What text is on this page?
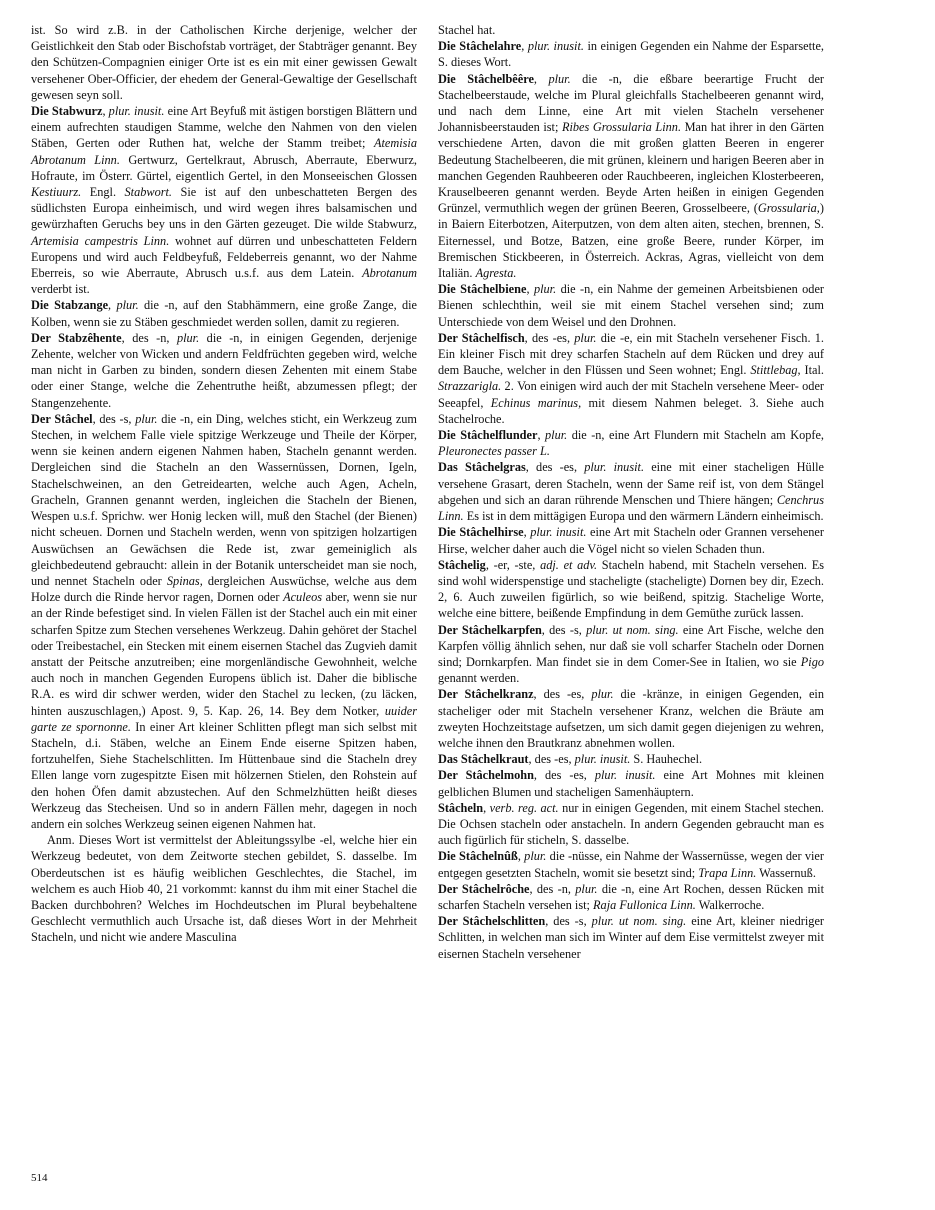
ist. So wird z.B. in der Catholischen Kirche derjenige, welcher der Geistlichkeit den Stab oder Bischofstab vorträget, der Stabträger genannt. Bey den Schützen-Compagnien einiger Orte ist es ein mit einer gewissen Gewalt versehener Ober-Officier, der ehedem der General-Gewaltige der Gesellschaft gewesen seyn soll.

Die Stabwurz, plur. inusit. eine Art Beyfuß mit ästigen borstigen Blättern und einem aufrechten staudigen Stamme, welche den Nahmen von den vielen Stäben, Gerten oder Ruthen hat, welche der Stamm treibet; Atemisia Abrotanum Linn. Gertwurz, Gertelkraut, Abrusch, Aberraute, Eberwurz, Hofraute, im Österr. Gürtel, eigentlich Gertel, in den Monseeischen Glossen Kestiuurz. Engl. Stabwort. Sie ist auf den unbeschatteten Bergen des südlichsten Europa einheimisch, und wird wegen ihres balsamischen und gewürzhaften Geruchs bey uns in den Gärten gezeuget. Die wilde Stabwurz, Artemisia campestris Linn. wohnet auf dürren und unbeschatteten Feldern Europens und wird auch Feldbeyfuß, Feldeberreis genannt, wo der Nahme Eberreis, so wie Aberraute, Abrusch u.s.f. aus dem Latein. Abrotanum verderbt ist.

Die Stabzange, plur. die -n, auf den Stabhämmern, eine große Zange, die Kolben, wenn sie zu Stäben geschmiedet werden sollen, damit zu regieren.

Der Stabzêhente, des -n, plur. die -n, in einigen Gegenden, derjenige Zehente, welcher von Wicken und andern Feldfrüchten gegeben wird, welche man nicht in Garben zu binden, sondern diesen Zehenten mit einem Stabe oder einer Stange, welche die Zehentruthe heißt, abzumessen pflegt; der Stangenzehente.

Der Stâchel, des -s, plur. die -n, ein Ding, welches sticht, ein Werkzeug zum Stechen, in welchem Falle viele spitzige Werkzeuge und Theile der Körper, wenn sie keinen andern eigenen Nahmen haben, Stacheln genannt werden. Dergleichen sind die Stacheln an den Wassernüssen, Dornen, Igeln, Stachelschweinen, an den Getreidearten, welche auch Agen, Acheln, Gracheln, Grannen genannt werden, ingleichen die Stacheln der Bienen, Wespen u.s.f. Sprichw. wer Honig lecken will, muß den Stachel (der Bienen) nicht scheuen. Dornen und Stacheln werden, wenn von spitzigen holzartigen Auswüchsen an Gewächsen die Rede ist, zwar gemeiniglich als gleichbedeutend gebraucht: allein in der Botanik unterscheidet man sie noch, und nennet Stacheln oder Spinas, dergleichen Auswüchse, welche aus dem Holze durch die Rinde hervor ragen, Dornen oder Aculeos aber, wenn sie nur an der Rinde befestiget sind. In vielen Fällen ist der Stachel auch ein mit einer scharfen Spitze zum Stechen versehenes Werkzeug. Dahin gehöret der Stachel oder Treibestachel, ein Stecken mit einem eisernen Stachel das Zugvieh damit anstatt der Peitsche anzutreiben; eine morgenländische Gewohnheit, welche auch noch in manchen Gegenden Europens üblich ist. Daher die biblische R.A. es wird dir schwer werden, wider den Stachel zu lecken, (zu läcken, hinten auszuschlagen,) Apost. 9, 5. Kap. 26, 14. Bey dem Notker, uuider garte ze spornonne. In einer Art kleiner Schlitten pflegt man sich selbst mit Stacheln, d.i. Stäben, welche an Einem Ende eiserne Spitzen haben, fortzuhelfen, Siehe Stachelschlitten. Im Hüttenbaue sind die Stacheln drey Ellen lange vorn zugespitzte Eisen mit hölzernen Stielen, den Rohstein auf den hohen Öfen damit abzustechen. Auf den Schmelzhütten heißt dieses Werkzeug das Stecheisen. Und so in andern Fällen mehr, dagegen in noch andern ein solches Werkzeug seinen eigenen Nahmen hat.

Anm. Dieses Wort ist vermittelst der Ableitungssylbe -el, welche hier ein Werkzeug bedeutet, von dem Zeitworte stechen gebildet, S. dasselbe. Im Oberdeutschen ist es häufig weiblichen Geschlechtes, die Stachel, im welchem es auch Hiob 40, 21 vorkommt: kannst du ihm mit einer Stachel die Backen durchbohren? Welches im Hochdeutschen im Plural beybehaltene Geschlecht vermuthlich auch Ursache ist, daß dieses Wort in der Mehrheit Stacheln, und nicht wie andere Masculina

Stachel hat.

Die Stâchelahre, plur. inusit. in einigen Gegenden ein Nahme der Esparsette, S. dieses Wort.

Die Stâchelbêêre, plur. die -n, die eßbare beerartige Frucht der Stachelbeerstaude, welche im Plural gleichfalls Stachelbeeren genannt wird, und nach dem Linne, eine Art mit vielen Stacheln versehener Johannisbeerstauden ist; Ribes Grossularia Linn. Man hat ihrer in den Gärten verschiedene Arten, davon die mit großen glatten Beeren in engerer Bedeutung Stachelbeeren, die mit grünen, kleinern und harigen Beeren aber in manchen Gegenden Rauhbeeren oder Rauchbeeren, ingleichen Klosterbeeren, Krauselbeeren genannt werden. Beyde Arten heißen in einigen Gegenden Grünzel, vermuthlich wegen der grünen Beeren, Grosselbeere, (Grossularia,) in Baiern Eiterbotzen, Aiterputzen, von dem alten aiten, stechen, brennen, S. Eiternessel, und Botze, Batzen, eine große Beere, runder Körper, im Bremischen Stickbeeren, in Österreich. Ackras, Agras, vielleicht von dem Italiän. Agresta.

Die Stâchelbiene, plur. die -n, ein Nahme der gemeinen Arbeitsbienen oder Bienen schlechthin, weil sie mit einem Stachel versehen sind; zum Unterschiede von dem Weisel und den Drohnen.

Der Stâchelfisch, des -es, plur. die -e, ein mit Stacheln versehener Fisch. 1. Ein kleiner Fisch mit drey scharfen Stacheln auf dem Rücken und drey auf dem Bauche, welcher in den Flüssen und Seen wohnet; Engl. Stittlebag, Ital. Strazzariglа. 2. Von einigen wird auch der mit Stacheln versehene Meer- oder Seeapfel, Echinus marinus, mit diesem Nahmen beleget. 3. Siehe auch Stachelroche.

Die Stâchelflunder, plur. die -n, eine Art Flundern mit Stacheln am Kopfe, Pleuronectes passer L.

Das Stâchelgras, des -es, plur. inusit. eine mit einer stacheligen Hülle versehene Grasart, deren Stacheln, wenn der Same reif ist, von dem Stängel abgehen und sich an daran rührende Menschen und Thiere hängen; Cenchrus Linn. Es ist in dem mittägigen Europa und den wärmern Ländern einheimisch.

Die Stâchelhirse, plur. inusit. eine Art mit Stacheln oder Grannen versehener Hirse, welcher daher auch die Vögel nicht so vielen Schaden thun.

Stâchelig, -er, -ste, adj. et adv. Stacheln habend, mit Stacheln versehen. Es sind wohl widerspenstige und stacheligte (stacheligte) Dornen bey dir, Ezech. 2, 6. Auch zuweilen figürlich, so wie beißend, spitzig. Stachelige Worte, welche eine bittere, beißende Empfindung in dem Gemüthe zurück lassen.

Der Stâchelkarpfen, des -s, plur. ut nom. sing. eine Art Fische, welche den Karpfen völlig ähnlich sehen, nur daß sie voll scharfer Stacheln oder Dornen sind; Dornkarpfen. Man findet sie in dem Comer-See in Italien, wo sie Pigo genannt werden.

Der Stâchelkranz, des -es, plur. die -kränze, in einigen Gegenden, ein stacheliger oder mit Stacheln versehener Kranz, welchen die Bräute am zweyten Hochzeitstage aufsetzen, um sich damit gegen diejenigen zu wehren, welche ihnen den Brautkranz abnehmen wollen.

Das Stâchelkraut, des -es, plur. inusit. S. Hauhechel.

Der Stâchelmohn, des -es, plur. inusit. eine Art Mohnes mit kleinen gelblichen Blumen und stacheligen Samenhäuptern.

Stâcheln, verb. reg. act. nur in einigen Gegenden, mit einem Stachel stechen. Die Ochsen stacheln oder anstacheln. In andern Gegenden gebraucht man es auch figürlich für sticheln, S. dasselbe.

Die Stâchelnûß, plur. die -nüsse, ein Nahme der Wassernüsse, wegen der vier entgegen gesetzten Stacheln, womit sie besetzt sind; Trapa Linn. Wassernuß.

Der Stâchelrôche, des -n, plur. die -n, eine Art Rochen, dessen Rücken mit scharfen Stacheln versehen ist; Raja Fullonica Linn. Walkerroche.

Der Stâchelschlitten, des -s, plur. ut nom. sing. eine Art, kleiner niedriger Schlitten, in welchen man sich im Winter auf dem Eise vermittelst zweyer mit eisernen Stacheln versehener

514
